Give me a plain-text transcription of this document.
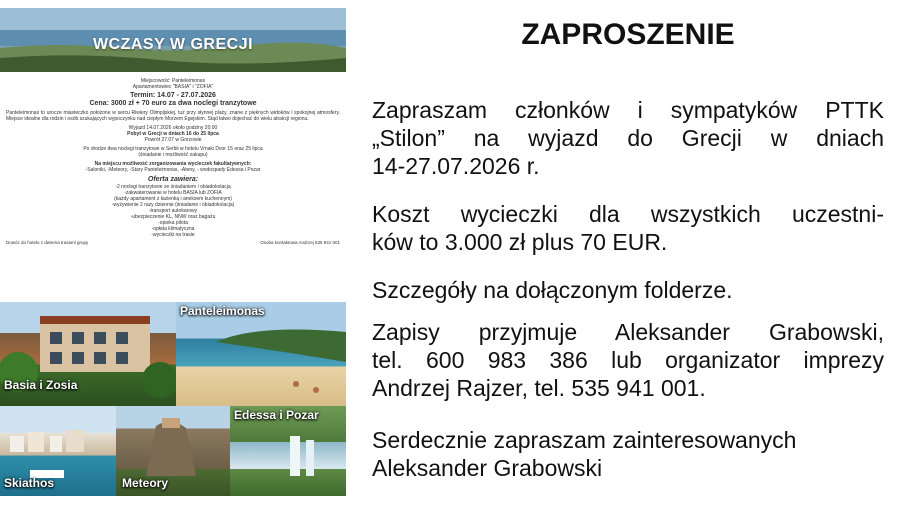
WCZASY W GRECJI
Miejscowość: Panteleimonas
Apartamentowiec "BASIA" i "ZOFIA"
Termin: 14.07 - 27.07.2026
Cena: 3000 zł + 70 euro za dwa noclegi tranzytowe
Panteleimonas to urocze miasteczko położone w sercu Riwiery Olimpijskiej, tuż przy słynnej plaży, znane z pięknych widoków i spokojnej atmosfery. Miejsce idealne dla rodzin i osób szukających wypoczynku nad ciepłym Morzem Egejskim. Stąd łatwo dojechać do wielu atrakcji regionu.
Wyjazd 14.07.2026 około godziny 20:00
Pobyt w Grecji w dniach 16 do 25 lipca
Powrót 27.07 w Gorzowie
Po drodze dwa noclegi tranzytowe w Serbii w hotelu Vrnaki Dvor 15 oraz 25 lipca
(śniadanie i możliwość zakupu)
Na miejscu możliwość zorganizowania wycieczek fakultatywnych:
-Saloniki, -Meteory, -Stary Panteleimonas, -Ateny, - wodospady Edessa i Pozar
Oferta zawiera:
-2 noclegi tranzytowe ze śniadaniem i obiadokolacją
-zakwaterowanie w hotelu BASIA lub ZOFIA
(każdy apartament z łazienką i aneksem kuchennym)
-wyżywienie 2 razy dziennie (śniadanie i obiadokolacja)
-transport autokarowy
-ubezpieczenie KL, NNW oraz bagażu
-opieka pilota
-opłata klimatyczna
-wycieczki na trasie
Dowóz do hotelu z dwiema trasami grupy	Osoba kontaktowa Andrzej 535 941 001
Basia i Zosia
Panteleimonas
Skiathos	Meteory
Edessa i Pozar
ZAPROSZENIE
Zapraszam członków i sympatyków PTTK
„Stilon” na wyjazd do Grecji w dniach
14-27.07.2026 r.
Koszt wycieczki dla wszystkich uczestni-
ków to 3.000 zł plus 70 EUR.
Szczegóły na dołączonym folderze.
Zapisy przyjmuje Aleksander Grabowski,
tel. 600 983 386 lub organizator imprezy
Andrzej Rajzer, tel. 535 941 001.
Serdecznie zapraszam zainteresowanych
Aleksander Grabowski
